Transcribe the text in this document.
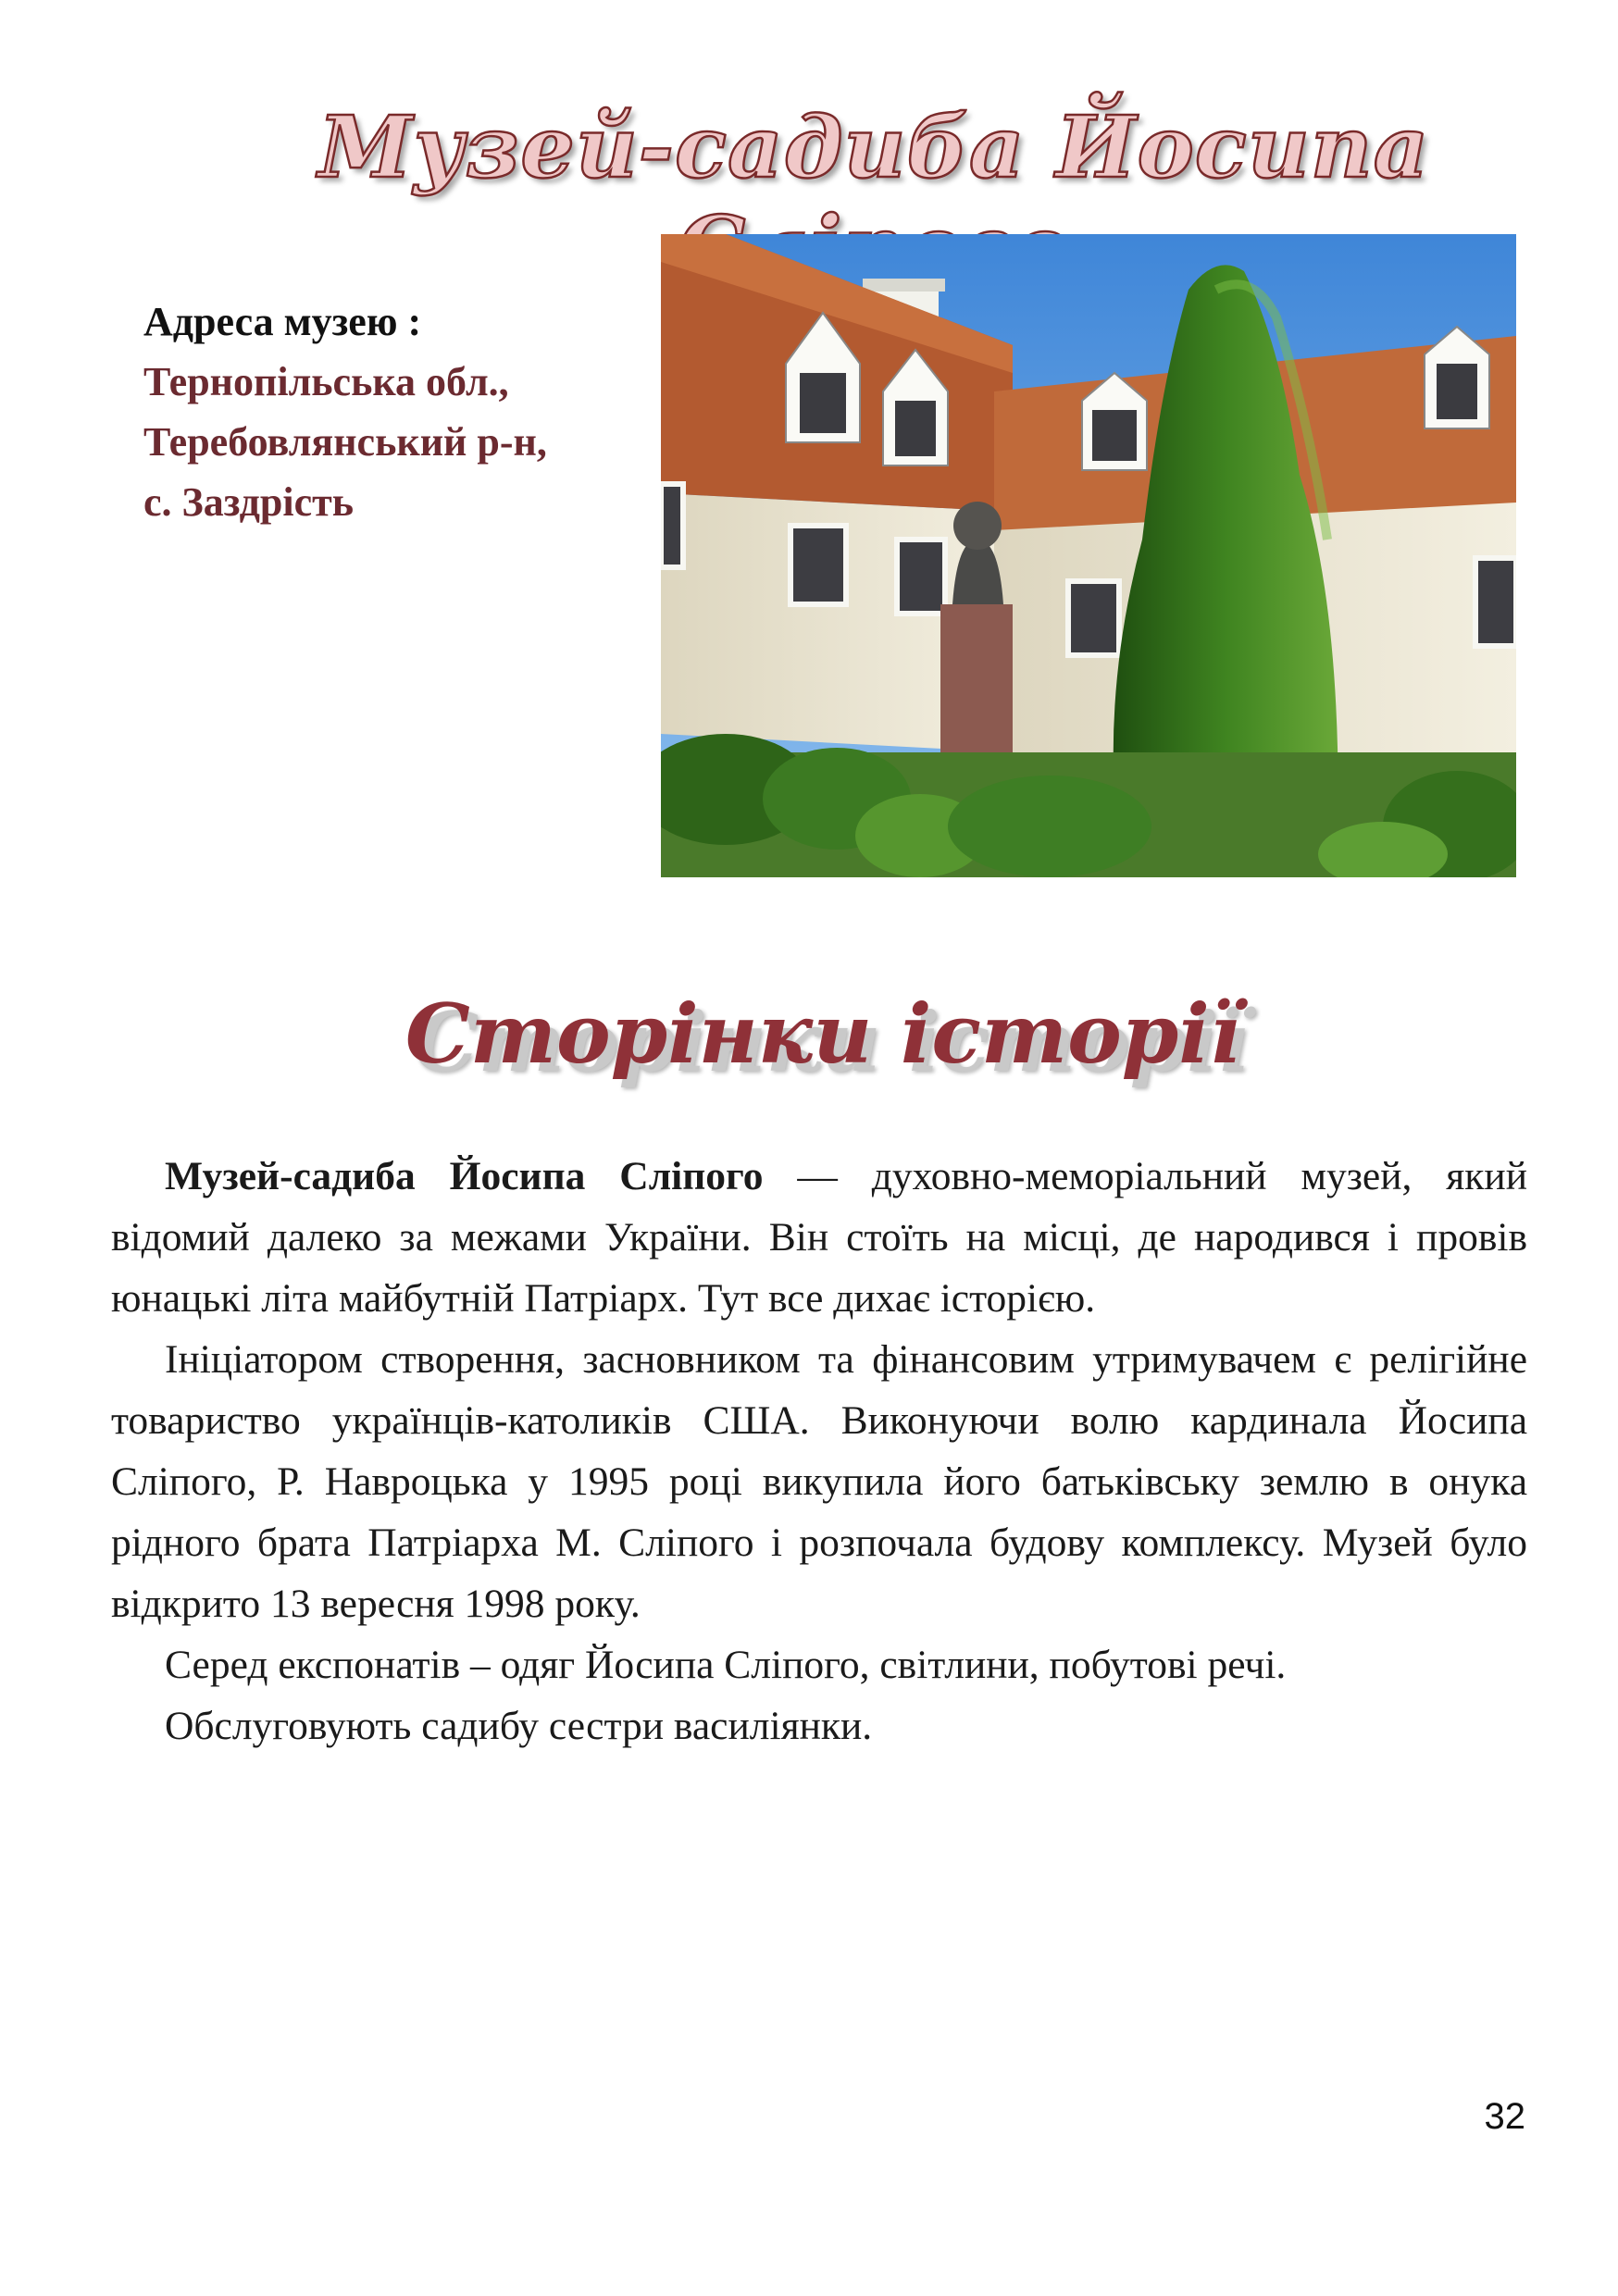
Музей-садиба Йосипа
Адреса музею :
Тернопільська обл.,
Теребовлянський р-н,
с. Заздрість
Сторінки історії

Музей-садиба Йосипа Сліпого — духовно-меморіальний музей, який відомий далеко за межами України. Він стоїть на місці, де народився і провів юнацькі літа майбутній Патріарх. Тут все дихає історією.

Ініціатором створення, засновником та фінансовим утримувачем є релігійне товариство українців-католиків США. Виконуючи волю кардинала Йосипа Сліпого, Р. Навроцька у 1995 році викупила його батьківську землю в онука рідного брата Патріарха М. Сліпого і розпочала будову комплексу. Музей було відкрито 13 вересня 1998 року.

Серед експонатів – одяг Йосипа Сліпого, світлини, побутові речі.

Обслуговують садибу сестри василіянки.

32
